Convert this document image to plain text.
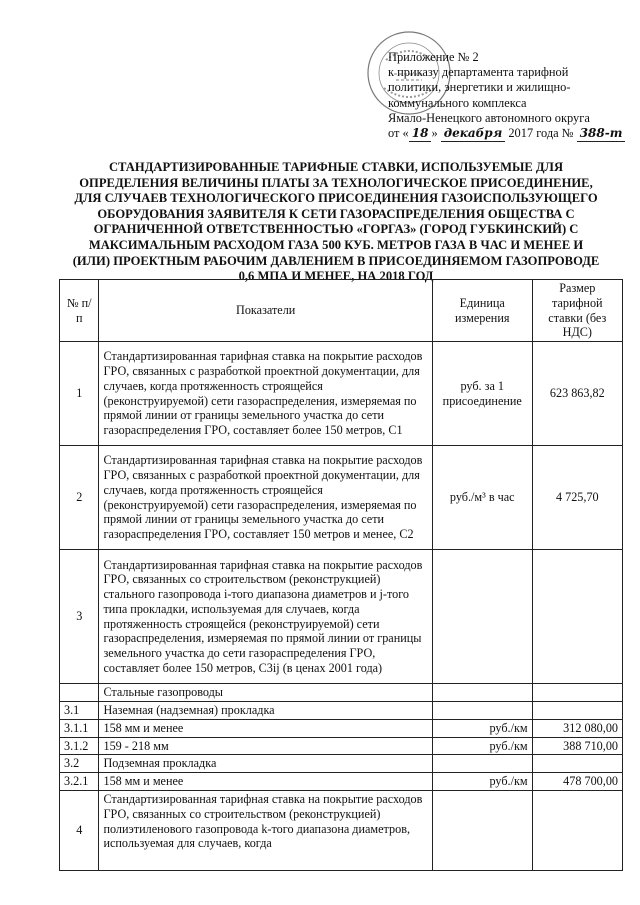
Приложение № 2
к приказу департамента тарифной
политики, энергетики и жилищно-
коммунального комплекса
Ямало-Ненецкого автономного округа
от « 18 » декабря 2017 года № 388-т
СТАНДАРТИЗИРОВАННЫЕ ТАРИФНЫЕ СТАВКИ, ИСПОЛЬЗУЕМЫЕ ДЛЯ
ОПРЕДЕЛЕНИЯ ВЕЛИЧИНЫ ПЛАТЫ ЗА ТЕХНОЛОГИЧЕСКОЕ ПРИСОЕДИНЕНИЕ,
ДЛЯ СЛУЧАЕВ ТЕХНОЛОГИЧЕСКОГО ПРИСОЕДИНЕНИЯ ГАЗОИСПОЛЬЗУЮЩЕГО
ОБОРУДОВАНИЯ ЗАЯВИТЕЛЯ К СЕТИ ГАЗОРАСПРЕДЕЛЕНИЯ ОБЩЕСТВА С
ОГРАНИЧЕННОЙ ОТВЕТСТВЕННОСТЬЮ «ГОРГАЗ» (ГОРОД ГУБКИНСКИЙ) С
МАКСИМАЛЬНЫМ РАСХОДОМ ГАЗА 500 КУБ. МЕТРОВ ГАЗА В ЧАС И МЕНЕЕ И
(ИЛИ) ПРОЕКТНЫМ РАБОЧИМ ДАВЛЕНИЕМ В ПРИСОЕДИНЯЕМОМ ГАЗОПРОВОДЕ
0,6 МПА И МЕНЕЕ, НА 2018 ГОД
№ п/п	Показатели	Единица измерения	Размер тарифной ставки (без НДС)
1	Стандартизированная тарифная ставка на покрытие расходов ГРО, связанных с разработкой проектной документации, для случаев, когда протяженность строящейся (реконструируемой) сети газораспределения, измеряемая по прямой линии от границы земельного участка до сети газораспределения ГРО, составляет более 150 метров, С1	руб. за 1 присоединение	623 863,82
2	Стандартизированная тарифная ставка на покрытие расходов ГРО, связанных с разработкой проектной документации, для случаев, когда протяженность строящейся (реконструируемой) сети газораспределения, измеряемая по прямой линии от границы земельного участка до сети газораспределения ГРО, составляет 150 метров и менее, С2	руб./м³ в час	4 725,70
3	Стандартизированная тарифная ставка на покрытие расходов ГРО, связанных со строительством (реконструкцией) стального газопровода i-того диапазона диаметров и j-того типа прокладки, используемая для случаев, когда протяженность строящейся (реконструируемой) сети газораспределения, измеряемая по прямой линии от границы земельного участка до сети газораспределения ГРО, составляет более 150 метров, С3ij (в ценах 2001 года)		
	Стальные газопроводы		
3.1	Наземная (надземная) прокладка		
3.1.1	158 мм и менее	руб./км	312 080,00
3.1.2	159 - 218 мм	руб./км	388 710,00
3.2	Подземная прокладка		
3.2.1	158 мм и менее	руб./км	478 700,00
4	Стандартизированная тарифная ставка на покрытие расходов ГРО, связанных со строительством (реконструкцией) полиэтиленового газопровода k-того диапазона диаметров, используемая для случаев, когда		
